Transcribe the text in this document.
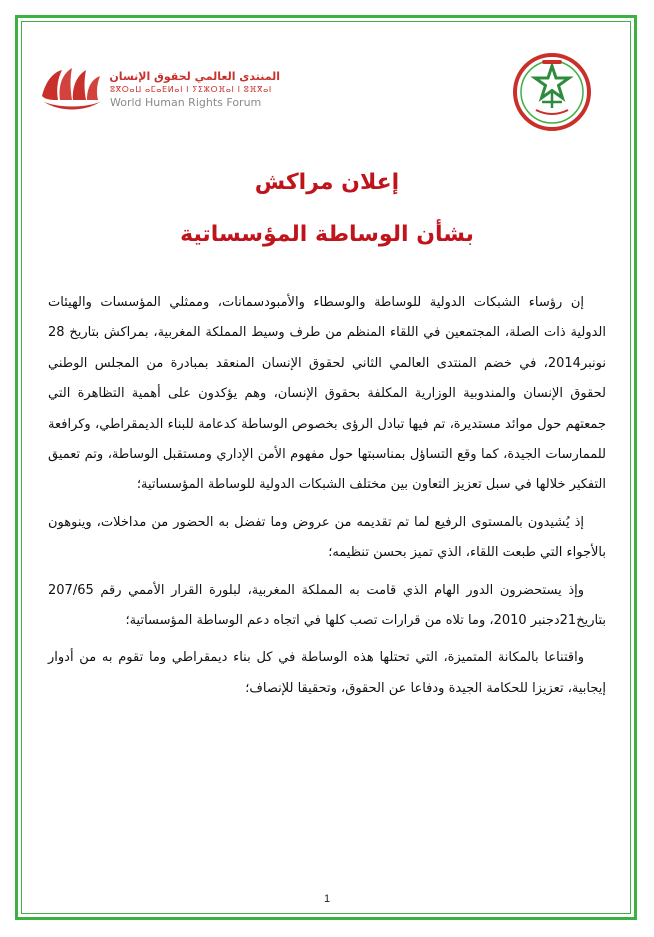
المنتدى العالمي لحقوق الإنسان
ⵓⴳⵔⴰⵡ ⴰⵎⴰⴹⵍⴰⵏ ⵏ ⵢⵉⵣⵔⴼⴰⵏ ⵏ ⵓⴼⴳⴰⵏ
World Human Rights Forum
إعلان مراكش
بشأن الوساطة المؤسساتية

إن رؤساء الشبكات الدولية للوساطة والوسطاء والأمبودسمانات، وممثلي المؤسسات والهيئات الدولية ذات الصلة، المجتمعين في اللقاء المنظم من طرف وسيط المملكة المغربية، بمراكش بتاريخ 28 نونبر2014، في خضم المنتدى العالمي الثاني لحقوق الإنسان المنعقد بمبادرة من المجلس الوطني لحقوق الإنسان والمندوبية الوزارية المكلفة بحقوق الإنسان، وهم يؤكدون على أهمية التظاهرة التي جمعتهم حول موائد مستديرة، تم فيها تبادل الرؤى بخصوص الوساطة كدعامة للبناء الديمقراطي، وكرافعة للممارسات الجيدة، كما وقع التساؤل بمناسبتها حول مفهوم الأمن الإداري ومستقبل الوساطة، وتم تعميق التفكير خلالها في سبل تعزيز التعاون بين مختلف الشبكات الدولية للوساطة المؤسساتية؛

إذ يُشيدون بالمستوى الرفيع لما تم تقديمه من عروض وما تفضل به الحضور من مداخلات، وينوهون بالأجواء التي طبعت اللقاء، الذي تميز بحسن تنظيمه؛

وإذ يستحضرون الدور الهام الذي قامت به المملكة المغربية، لبلورة القرار الأممي رقم 207/65 بتاريخ21دجنبر 2010، وما تلاه من قرارات تصب كلها في اتجاه دعم الوساطة المؤسساتية؛

واقتناعا بالمكانة المتميزة، التي تحتلها هذه الوساطة في كل بناء ديمقراطي وما تقوم به من أدوار إيجابية، تعزيزا للحكامة الجيدة ودفاعا عن الحقوق، وتحقيقا للإنصاف؛

1
